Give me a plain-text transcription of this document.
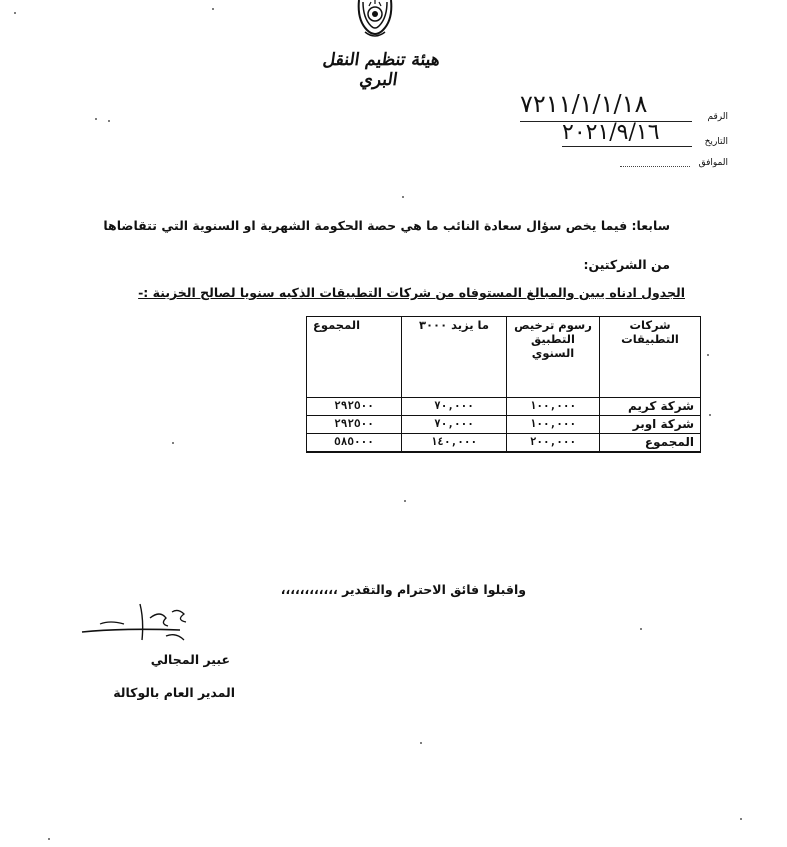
هيئة تنظيم النقل البري
٧٢١١/١/١/١٨	الرقم
٢٠٢١/٩/١٦	التاريخ
الموافق
سابعا: فيما يخص سؤال سعادة النائب ما هي حصة الحكومة الشهرية او السنوية التي تتقاضاها
من الشركتين:
الجدول ادناه يبين والمبالغ المستوفاه من شركات التطبيقات الذكيه سنويا لصالح الخزينة :-
شركات التطبيقات	رسوم ترخيص التطبيق السنوي	ما يزيد ٣٠٠٠	المجموع
شركة كريم	١٠٠,٠٠٠	٧٠,٠٠٠	٢٩٢٥٠٠
شركة اوبر	١٠٠,٠٠٠	٧٠,٠٠٠	٢٩٢٥٠٠
المجموع	٢٠٠,٠٠٠	١٤٠,٠٠٠	٥٨٥٠٠٠
واقبلوا فائق الاحترام والتقدير ،،،،،،،،،،،،
عبير المجالي
المدير العام بالوكالة
